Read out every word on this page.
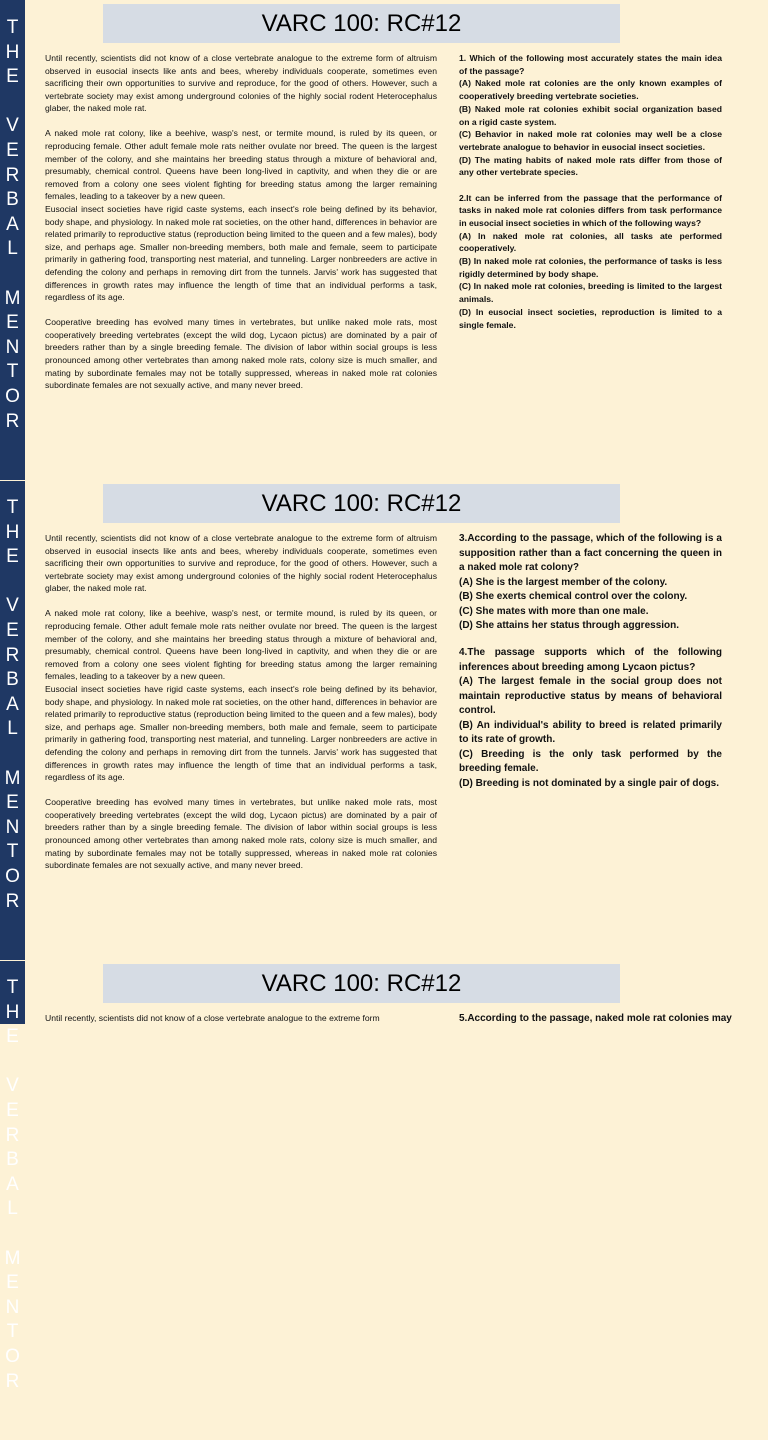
T
H
E
V
E
R
B
A
L
M
E
N
T
O
R
VARC 100: RC#12

Until recently, scientists did not know of a close vertebrate analogue to the extreme form of altruism observed in eusocial insects like ants and bees, whereby individuals cooperate, sometimes even sacrificing their own opportunities to survive and reproduce, for the good of others. However, such a vertebrate society may exist among underground colonies of the highly social rodent Heterocephalus glaber, the naked mole rat.

A naked mole rat colony, like a beehive, wasp's nest, or termite mound, is ruled by its queen, or reproducing female. Other adult female mole rats neither ovulate nor breed. The queen is the largest member of the colony, and she maintains her breeding status through a mixture of behavioral and, presumably, chemical control. Queens have been long-lived in captivity, and when they die or are removed from a colony one sees violent fighting for breeding status among the larger remaining females, leading to a takeover by a new queen.

Eusocial insect societies have rigid caste systems, each insect's role being defined by its behavior, body shape, and physiology. In naked mole rat societies, on the other hand, differences in behavior are related primarily to reproductive status (reproduction being limited to the queen and a few males), body size, and perhaps age. Smaller non-breeding members, both male and female, seem to participate primarily in gathering food, transporting nest material, and tunneling. Larger nonbreeders are active in defending the colony and perhaps in removing dirt from the tunnels. Jarvis' work has suggested that differences in growth rates may influence the length of time that an individual performs a task, regardless of its age.

Cooperative breeding has evolved many times in vertebrates, but unlike naked mole rats, most cooperatively breeding vertebrates (except the wild dog, Lycaon pictus) are dominated by a pair of breeders rather than by a single breeding female. The division of labor within social groups is less pronounced among other vertebrates than among naked mole rats, colony size is much smaller, and mating by subordinate females may not be totally suppressed, whereas in naked mole rat colonies subordinate females are not sexually active, and many never breed.

1. Which of the following most accurately states the main idea of the passage?

(A) Naked mole rat colonies are the only known examples of cooperatively breeding vertebrate societies.

(B) Naked mole rat colonies exhibit social organization based on a rigid caste system.

(C) Behavior in naked mole rat colonies may well be a close vertebrate analogue to behavior in eusocial insect societies.

(D) The mating habits of naked mole rats differ from those of any other vertebrate species.

2.It can be inferred from the passage that the performance of tasks in naked mole rat colonies differs from task performance in eusocial insect societies in which of the following ways?

(A) In naked mole rat colonies, all tasks ate performed cooperatively.

(B) In naked mole rat colonies, the performance of tasks is less rigidly determined by body shape.

(C) In naked mole rat colonies, breeding is limited to the largest animals.

(D) In eusocial insect societies, reproduction is limited to a single female.

T
H
E
V
E
R
B
A
L
M
E
N
T
O
R
VARC 100: RC#12

Until recently, scientists did not know of a close vertebrate analogue to the extreme form of altruism observed in eusocial insects like ants and bees, whereby individuals cooperate, sometimes even sacrificing their own opportunities to survive and reproduce, for the good of others. However, such a vertebrate society may exist among underground colonies of the highly social rodent Heterocephalus glaber, the naked mole rat.

A naked mole rat colony, like a beehive, wasp's nest, or termite mound, is ruled by its queen, or reproducing female. Other adult female mole rats neither ovulate nor breed. The queen is the largest member of the colony, and she maintains her breeding status through a mixture of behavioral and, presumably, chemical control. Queens have been long-lived in captivity, and when they die or are removed from a colony one sees violent fighting for breeding status among the larger remaining females, leading to a takeover by a new queen.

Eusocial insect societies have rigid caste systems, each insect's role being defined by its behavior, body shape, and physiology. In naked mole rat societies, on the other hand, differences in behavior are related primarily to reproductive status (reproduction being limited to the queen and a few males), body size, and perhaps age. Smaller non-breeding members, both male and female, seem to participate primarily in gathering food, transporting nest material, and tunneling. Larger nonbreeders are active in defending the colony and perhaps in removing dirt from the tunnels. Jarvis' work has suggested that differences in growth rates may influence the length of time that an individual performs a task, regardless of its age.

Cooperative breeding has evolved many times in vertebrates, but unlike naked mole rats, most cooperatively breeding vertebrates (except the wild dog, Lycaon pictus) are dominated by a pair of breeders rather than by a single breeding female. The division of labor within social groups is less pronounced among other vertebrates than among naked mole rats, colony size is much smaller, and mating by subordinate females may not be totally suppressed, whereas in naked mole rat colonies subordinate females are not sexually active, and many never breed.

3.According to the passage, which of the following is a supposition rather than a fact concerning the queen in a naked mole rat colony?

(A) She is the largest member of the colony.

(B) She exerts chemical control over the colony.

(C) She mates with more than one male.

(D) She attains her status through aggression.

4.The passage supports which of the following inferences about breeding among Lycaon pictus?

(A) The largest female in the social group does not maintain reproductive status by means of behavioral control.

(B) An individual's ability to breed is related primarily to its rate of growth.

(C) Breeding is the only task performed by the breeding female.

(D) Breeding is not dominated by a single pair of dogs.

T
H
E
V
E
R
B
A
L
M
E
N
T
O
R
VARC 100: RC#12

Until recently, scientists did not know of a close vertebrate analogue to the extreme form	5.According to the passage, naked mole rat colonies may
